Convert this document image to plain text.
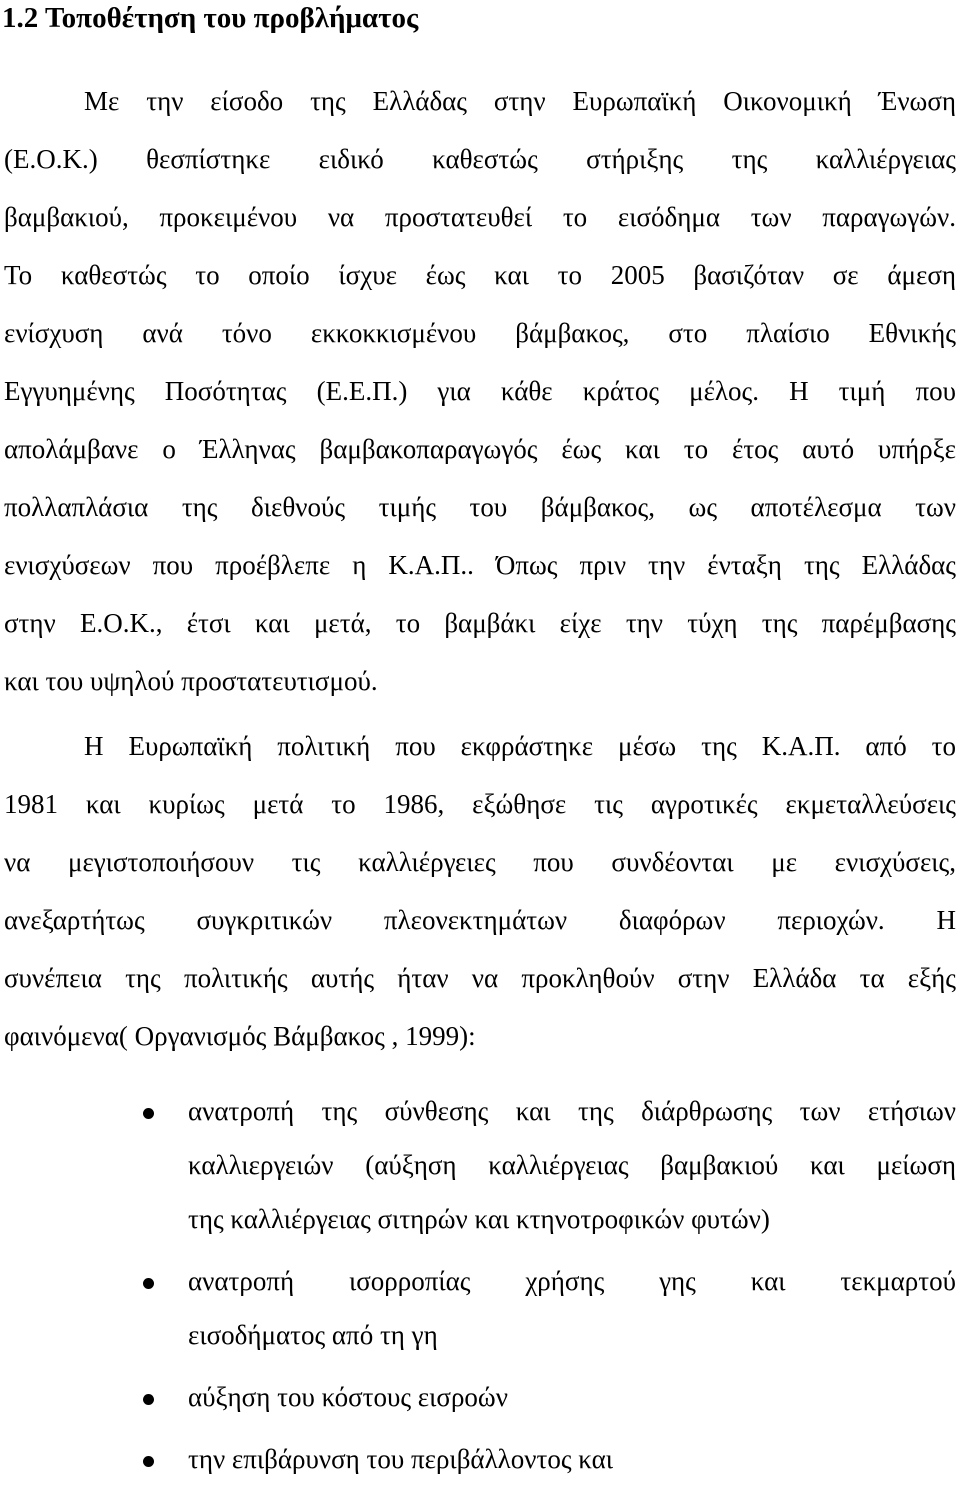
1.2 Τοποθέτηση του προβλήματος
Με την είσοδο της Ελλάδας στην Ευρωπαϊκή Οικονομική Ένωση
(Ε.Ο.Κ.) θεσπίστηκε ειδικό καθεστώς στήριξης της καλλιέργειας
βαμβακιού, προκειμένου να προστατευθεί το εισόδημα των παραγωγών.
Το καθεστώς το οποίο ίσχυε έως και το 2005 βασιζόταν σε άμεση
ενίσχυση ανά τόνο εκκοκκισμένου βάμβακος, στο πλαίσιο Εθνικής
Εγγυημένης Ποσότητας (Ε.Ε.Π.) για κάθε κράτος μέλος. Η τιμή που
απολάμβανε ο Έλληνας βαμβακοπαραγωγός έως και το έτος αυτό υπήρξε
πολλαπλάσια της διεθνούς τιμής του βάμβακος, ως αποτέλεσμα των
ενισχύσεων που προέβλεπε η Κ.Α.Π.. Όπως πριν την ένταξη της Ελλάδας
στην Ε.Ο.Κ., έτσι και μετά, το βαμβάκι είχε την τύχη της παρέμβασης
και του υψηλού προστατευτισμού.
Η Ευρωπαϊκή πολιτική που εκφράστηκε μέσω της Κ.Α.Π. από το
1981 και κυρίως μετά το 1986, εξώθησε τις αγροτικές εκμεταλλεύσεις
να μεγιστοποιήσουν τις καλλιέργειες που συνδέονται με ενισχύσεις,
ανεξαρτήτως συγκριτικών πλεονεκτημάτων διαφόρων περιοχών. Η
συνέπεια της πολιτικής αυτής ήταν να προκληθούν στην Ελλάδα τα εξής
φαινόμενα( Οργανισμός Βάμβακος , 1999):
ανατροπή της σύνθεσης και της διάρθρωσης των ετήσιων
καλλιεργειών (αύξηση καλλιέργειας βαμβακιού και μείωση
της καλλιέργειας σιτηρών και κτηνοτροφικών φυτών)
ανατροπή ισορροπίας χρήσης γης και τεκμαρτού
εισοδήματος από τη γη
αύξηση του κόστους εισροών
την επιβάρυνση του περιβάλλοντος και
